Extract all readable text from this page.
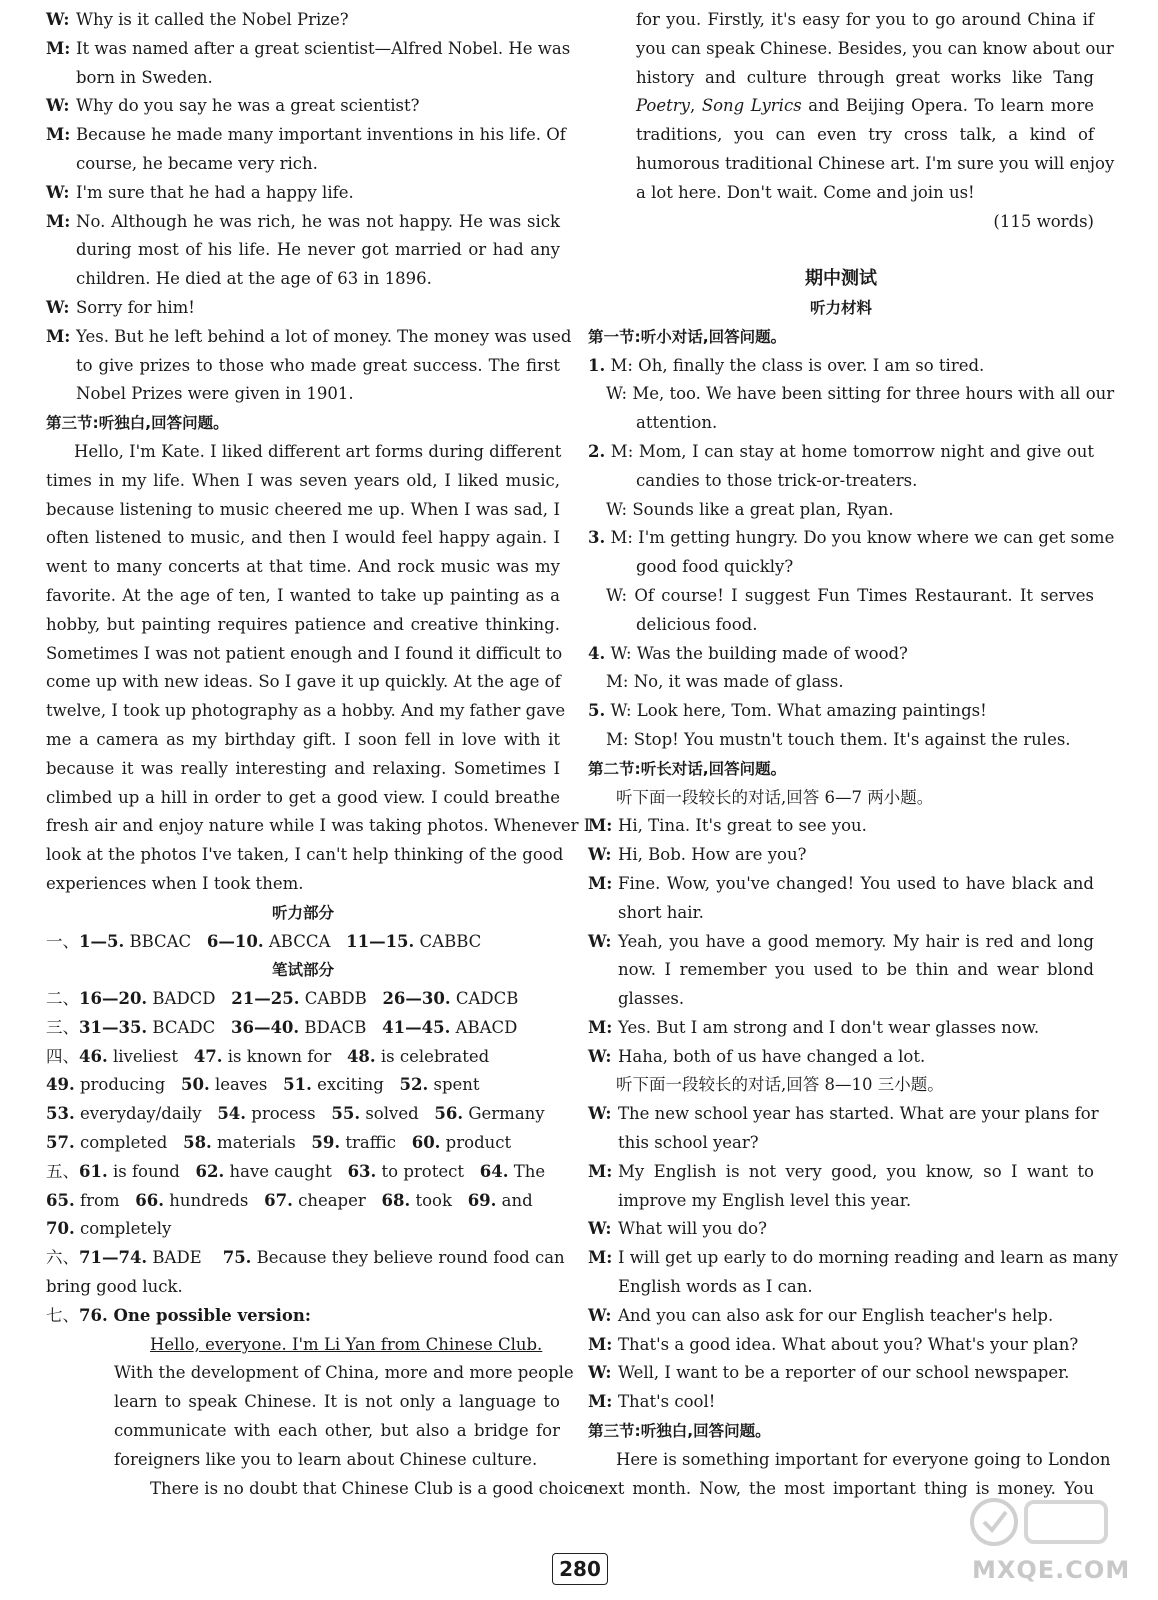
W: Why is it called the Nobel Prize?
M: It was named after a great scientist—Alfred Nobel. He was
born in Sweden.
W: Why do you say he was a great scientist?
M: Because he made many important inventions in his life. Of
course, he became very rich.
W: I'm sure that he had a happy life.
M: No. Although he was rich, he was not happy. He was sick
during most of his life. He never got married or had any
children. He died at the age of 63 in 1896.
W: Sorry for him!
M: Yes. But he left behind a lot of money. The money was used
to give prizes to those who made great success. The first
Nobel Prizes were given in 1901.
第三节:听独白,回答问题。
Hello, I'm Kate. I liked different art forms during different
times in my life. When I was seven years old, I liked music,
because listening to music cheered me up. When I was sad, I
often listened to music, and then I would feel happy again. I
went to many concerts at that time. And rock music was my
favorite. At the age of ten, I wanted to take up painting as a
hobby, but painting requires patience and creative thinking.
Sometimes I was not patient enough and I found it difficult to
come up with new ideas. So I gave it up quickly. At the age of
twelve, I took up photography as a hobby. And my father gave
me a camera as my birthday gift. I soon fell in love with it
because it was really interesting and relaxing. Sometimes I
climbed up a hill in order to get a good view. I could breathe
fresh air and enjoy nature while I was taking photos. Whenever I
look at the photos I've taken, I can't help thinking of the good
experiences when I took them.
听力部分
一、1—5. BBCAC   6—10. ABCCA   11—15. CABBC
笔试部分
二、16—20. BADCD   21—25. CABDB   26—30. CADCB
三、31—35. BCADC   36—40. BDACB   41—45. ABACD
四、46. liveliest   47. is known for   48. is celebrated
49. producing   50. leaves   51. exciting   52. spent
53. everyday/daily   54. process   55. solved   56. Germany
57. completed   58. materials   59. traffic   60. product
五、61. is found   62. have caught   63. to protect   64. The
65. from   66. hundreds   67. cheaper   68. took   69. and
70. completely
六、71—74. BADE    75. Because they believe round food can
bring good luck.
七、76. One possible version:
Hello, everyone. I'm Li Yan from Chinese Club.
With the development of China, more and more people
learn to speak Chinese. It is not only a language to
communicate with each other, but also a bridge for
foreigners like you to learn about Chinese culture.
There is no doubt that Chinese Club is a good choice
for you. Firstly, it's easy for you to go around China if
you can speak Chinese. Besides, you can know about our
history and culture through great works like Tang
Poetry, Song Lyrics and Beijing Opera. To learn more
traditions, you can even try cross talk, a kind of
humorous traditional Chinese art. I'm sure you will enjoy
a lot here. Don't wait. Come and join us!
(115 words)
期中测试
听力材料
第一节:听小对话,回答问题。
1. M: Oh, finally the class is over. I am so tired.
W: Me, too. We have been sitting for three hours with all our
attention.
2. M: Mom, I can stay at home tomorrow night and give out
candies to those trick-or-treaters.
W: Sounds like a great plan, Ryan.
3. M: I'm getting hungry. Do you know where we can get some
good food quickly?
W: Of course! I suggest Fun Times Restaurant. It serves
delicious food.
4. W: Was the building made of wood?
M: No, it was made of glass.
5. W: Look here, Tom. What amazing paintings!
M: Stop! You mustn't touch them. It's against the rules.
第二节:听长对话,回答问题。
听下面一段较长的对话,回答 6—7 两小题。
M: Hi, Tina. It's great to see you.
W: Hi, Bob. How are you?
M: Fine. Wow, you've changed! You used to have black and
short hair.
W: Yeah, you have a good memory. My hair is red and long
now. I remember you used to be thin and wear blond
glasses.
M: Yes. But I am strong and I don't wear glasses now.
W: Haha, both of us have changed a lot.
听下面一段较长的对话,回答 8—10 三小题。
W: The new school year has started. What are your plans for
this school year?
M: My English is not very good, you know, so I want to
improve my English level this year.
W: What will you do?
M: I will get up early to do morning reading and learn as many
English words as I can.
W: And you can also ask for our English teacher's help.
M: That's a good idea. What about you? What's your plan?
W: Well, I want to be a reporter of our school newspaper.
M: That's cool!
第三节:听独白,回答问题。
Here is something important for everyone going to London
next month. Now, the most important thing is money. You
280	MXQE.COM
